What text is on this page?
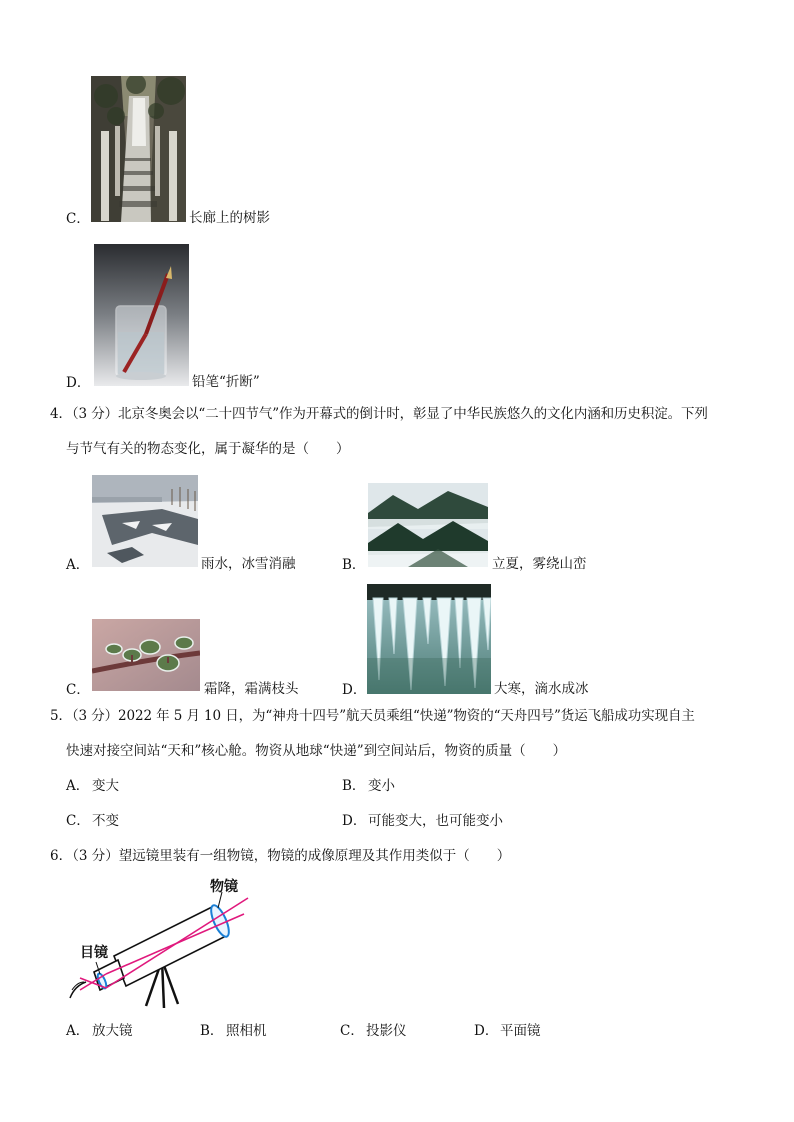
C．	长廊上的树影
D．	铅笔“折断”
4．（3 分）北京冬奥会以“二十四节气”作为开幕式的倒计时，彰显了中华民族悠久的文化内涵和历史积淀。下列
与节气有关的物态变化，属于凝华的是（　　）
A．	雨水，冰雪消融	B．	立夏，雾绕山峦
C．	霜降，霜满枝头	D．	大寒，滴水成冰
5．（3 分）2022 年 5 月 10 日，为“神舟十四号”航天员乘组“快递”物资的“天舟四号”货运飞船成功实现自主
快速对接空间站“天和”核心舱。物资从地球“快递”到空间站后，物资的质量（　　）
A． 变大	B． 变小
C． 不变	D． 可能变大，也可能变小
6．（3 分）望远镜里装有一组物镜，物镜的成像原理及其作用类似于（　　）
物镜
目镜
A． 放大镜	B． 照相机	C． 投影仪	D． 平面镜
